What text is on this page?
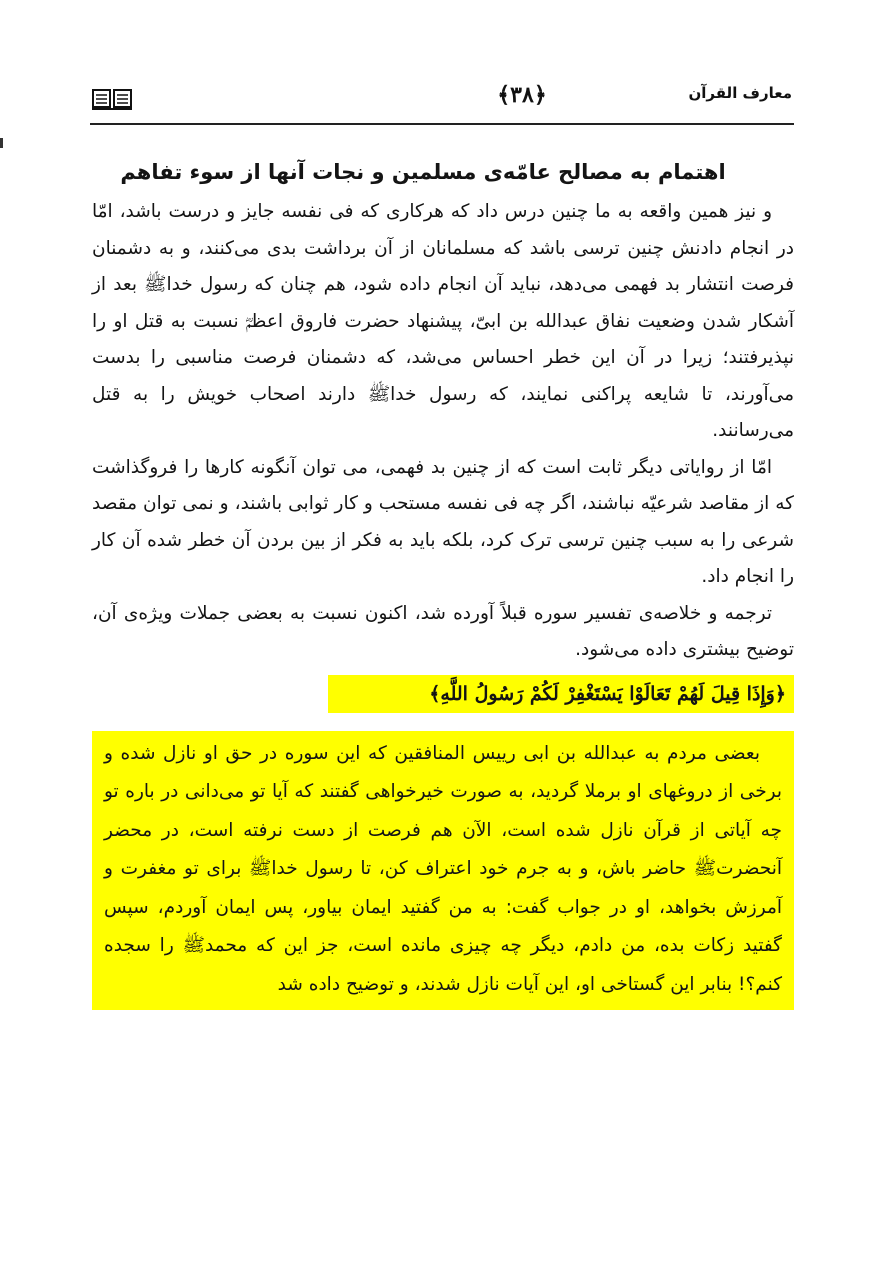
﴿۳۸﴾	معارف القرآن
اهتمام به مصالح عامّه‌ی مسلمین و نجات آنها از سوء تفاهم

و نیز همین واقعه به ما چنین درس داد که هرکاری که فی نفسه جایز و درست باشد، امّا در انجام دادنش چنین ترسی باشد که مسلمانان از آن برداشت بدی می‌کنند، و به دشمنان فرصت انتشار بد فهمی می‌دهد، نباید آن انجام داده شود، هم چنان که رسول خداﷺ بعد از آشکار شدن وضعیت نفاق عبدالله بن ابیّ، پیشنهاد حضرت فاروق اعظمؓ نسبت به قتل او را نپذیرفتند؛ زیرا در آن این خطر احساس می‌شد، که دشمنان فرصت مناسبی را بدست می‌آورند، تا شایعه پراکنی نمایند، که رسول خداﷺ دارند اصحاب خویش را به قتل می‌رسانند.

امّا از روایاتی دیگر ثابت است که از چنین بد فهمی، می توان آنگونه کارها را فروگذاشت که از مقاصد شرعیّه نباشند، اگر چه فی نفسه مستحب و کار ثوابی باشند، و نمی توان مقصد شرعی را به سبب چنین ترسی ترک کرد، بلکه باید به فکر از بین بردن آن خطر شده آن کار را انجام داد.

ترجمه و خلاصه‌ی تفسیر سوره قبلاً آورده شد، اکنون نسبت به بعضی جملات ویژه‌ی آن، توضیح بیشتری داده می‌شود.

﴿وَإِذَا قِيلَ لَهُمْ تَعَالَوْا يَسْتَغْفِرْ لَكُمْ رَسُولُ اللَّهِ﴾
بعضی مردم به عبدالله بن ابی رییس المنافقین که این سوره در حق او نازل شده و برخی از دروغهای او برملا گردید، به صورت خیرخواهی گفتند که آیا تو می‌دانی در باره تو چه آیاتی از قرآن نازل شده است، الآن هم فرصت از دست نرفته است، در محضر آنحضرتﷺ حاضر باش، و به جرم خود اعتراف کن، تا رسول خداﷺ برای تو مغفرت و آمرزش بخواهد، او در جواب گفت: به من گفتید ایمان بیاور، پس ایمان آوردم، سپس گفتید زکات بده، من دادم، دیگر چه چیزی مانده است، جز این که محمدﷺ را سجده کنم؟! بنابر این گستاخی او، این آیات نازل شدند، و توضیح داده شد
